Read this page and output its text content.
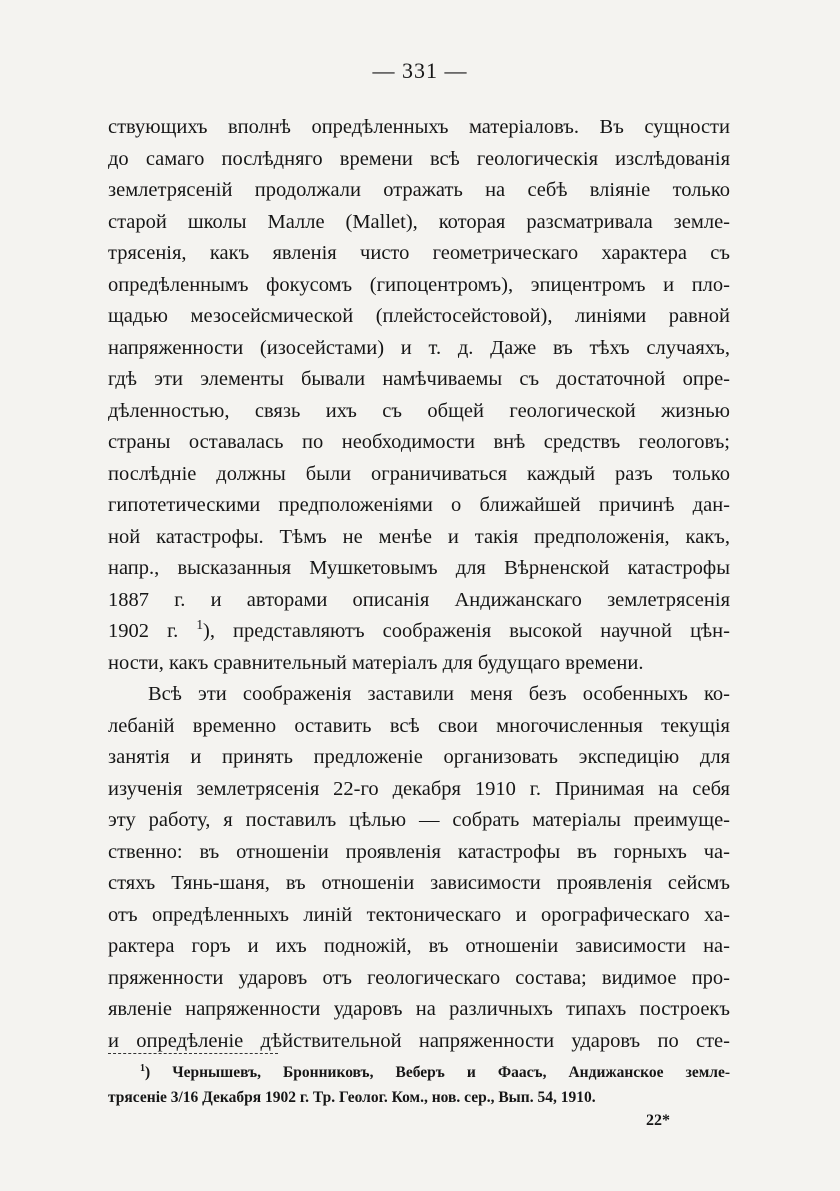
— 331 —
ствующихъ вполнѣ опредѣленныхъ матеріаловъ. Въ сущности
до самаго послѣдняго времени всѣ геологическія изслѣдованія
землетрясеній продолжали отражать на себѣ вліяніе только
старой школы Малле (Mallet), которая разсматривала земле-
трясенія, какъ явленія чисто геометрическаго характера съ
опредѣленнымъ фокусомъ (гипоцентромъ), эпицентромъ и пло-
щадью мезосейсмической (плейстосейстовой), линіями равной
напряженности (изосейстами) и т. д. Даже въ тѣхъ случаяхъ,
гдѣ эти элементы бывали намѣчиваемы съ достаточной опре-
дѣленностью, связь ихъ съ общей геологической жизнью
страны оставалась по необходимости внѣ средствъ геологовъ;
послѣдніе должны были ограничиваться каждый разъ только
гипотетическими предположеніями о ближайшей причинѣ дан-
ной катастрофы. Тѣмъ не менѣе и такія предположенія, какъ,
напр., высказанныя Мушкетовымъ для Вѣрненской катастрофы
1887 г. и авторами описанія Андижанскаго землетрясенія
1902 г. $^1$), представляютъ соображенія высокой научной цѣн-
ности, какъ сравнительный матеріалъ для будущаго времени.
Всѣ эти соображенія заставили меня безъ особенныхъ ко-
лебаній временно оставить всѣ свои многочисленныя текущія
занятія и принять предложеніе организовать экспедицію для
изученія землетрясенія 22-го декабря 1910 г. Принимая на себя
эту работу, я поставилъ цѣлью — собрать матеріалы преимуще-
ственно: въ отношеніи проявленія катастрофы въ горныхъ ча-
стяхъ Тянь-шаня, въ отношеніи зависимости проявленія сейсмъ
отъ опредѣленныхъ линій тектоническаго и орографическаго ха-
рактера горъ и ихъ подножій, въ отношеніи зависимости на-
пряженности ударовъ отъ геологическаго состава; видимое про-
явленіе напряженности ударовъ на различныхъ типахъ построекъ
и опредѣленіе дѣйствительной напряженности ударовъ по сте-
$^1$) Чернышевъ, Бронниковъ, Веберъ и Фаасъ, Андижанское земле-
трясеніе 3/16 Декабря 1902 г. Тр. Геолог. Ком., нов. сер., Вып. 54, 1910.
22*
